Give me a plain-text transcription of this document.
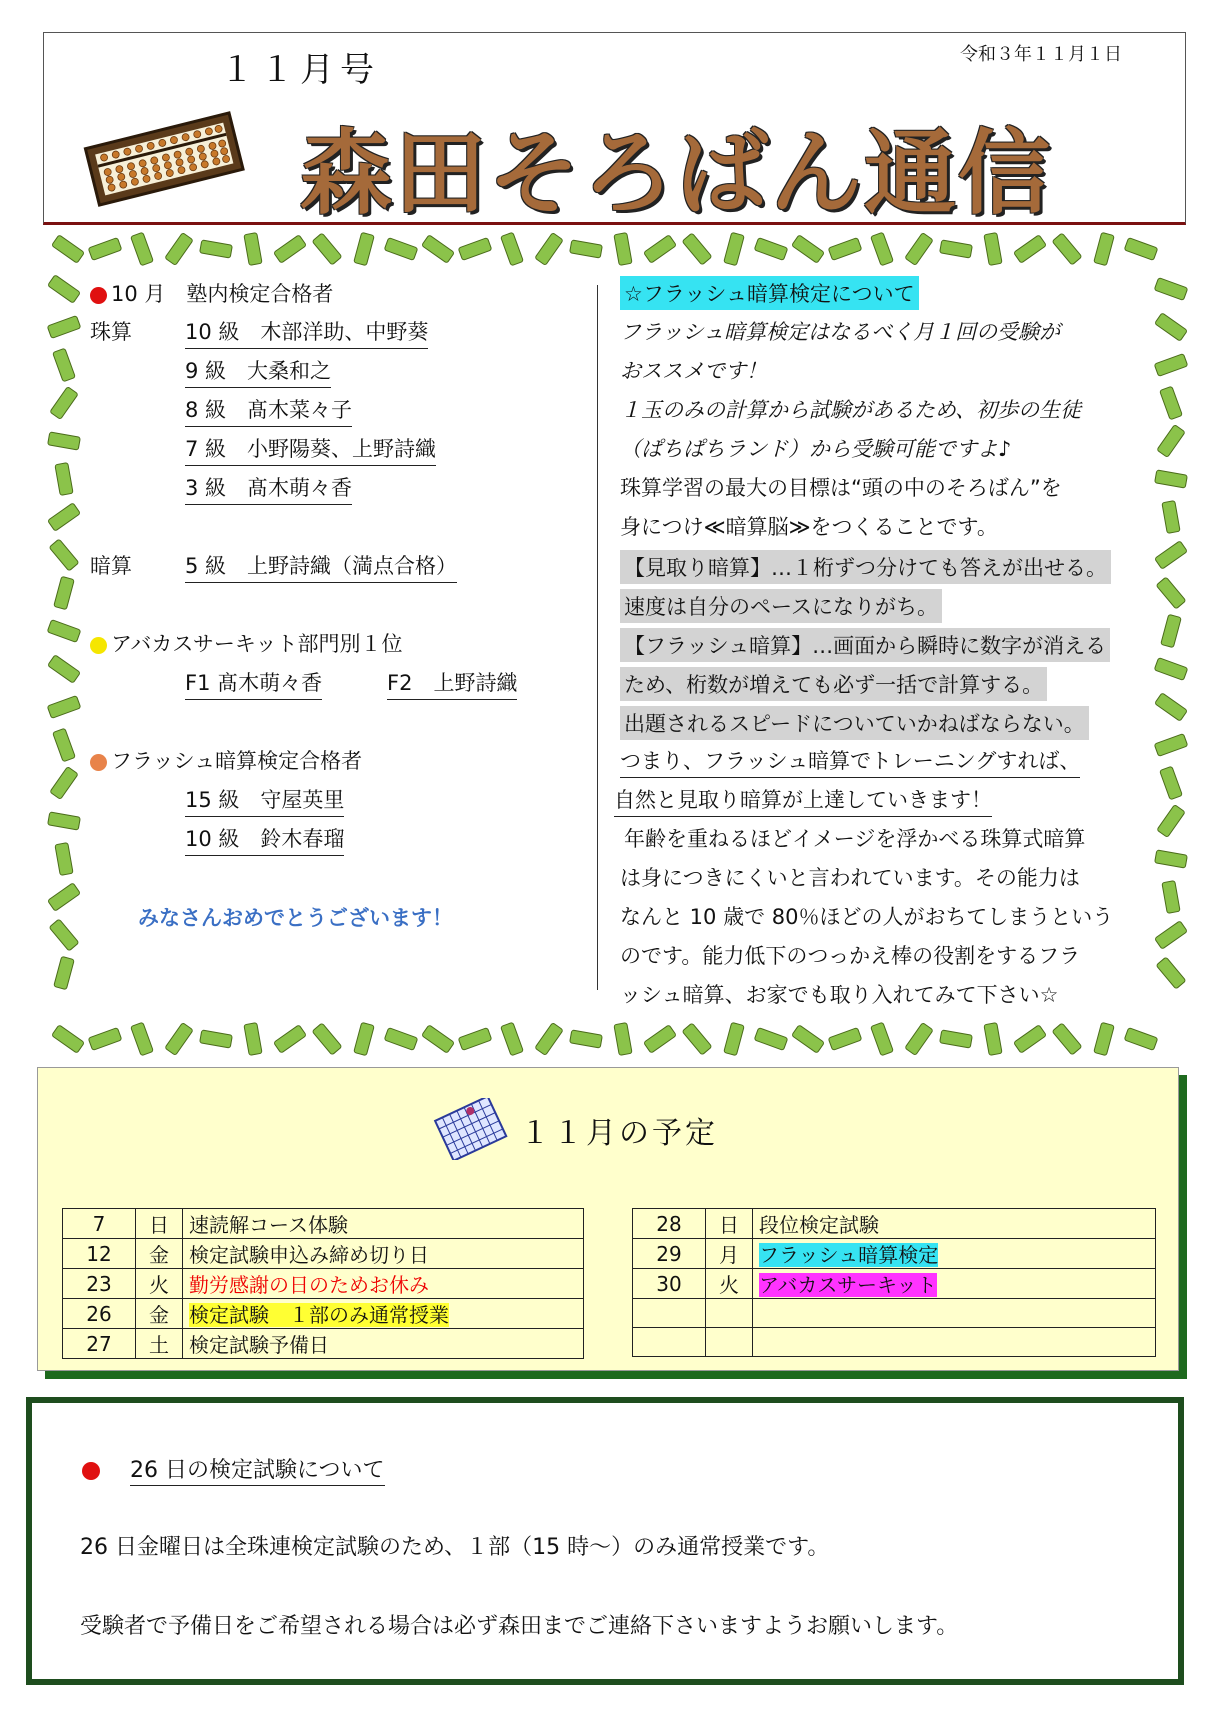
１１月号	令和３年１１月１日
森田そろばん通信
10 月　塾内検定合格者
珠算	10 級　 木部洋助、中野葵
9 級　 大桑和之
8 級　 髙木菜々子
7 級　 小野陽葵、上野詩織
3 級　 髙木萌々香
暗算	5 級　 上野詩織（満点合格）
アバカスサーキット部門別１位
F1 髙木萌々香	F2　 上野詩織
フラッシュ暗算検定合格者
15 級　 守屋英里
10 級　 鈴木春瑠
みなさんおめでとうございます！
☆フラッシュ暗算検定について
フラッシュ暗算検定はなるべく月１回の受験が
おススメです！
１玉のみの計算から試験があるため、初歩の生徒
（ぱちぱちランド）から受験可能ですよ♪
珠算学習の最大の目標は“頭の中のそろばん”を
身につけ≪暗算脳≫をつくることです。
【見取り暗算】…１桁ずつ分けても答えが出せる。
速度は自分のペースになりがち。
【フラッシュ暗算】…画面から瞬時に数字が消える
ため、桁数が増えても必ず一括で計算する。
出題されるスピードについていかねばならない。
つまり、フラッシュ暗算でトレーニングすれば、
自然と見取り暗算が上達していきます！
年齢を重ねるほどイメージを浮かべる珠算式暗算
は身につきにくいと言われています。その能力は
なんと 10 歳で 80％ほどの人がおちてしまうという
のです。能力低下のつっかえ棒の役割をするフラ
ッシュ暗算、お家でも取り入れてみて下さい☆
１１月の予定
7	日	速読解コース体験
12	金	検定試験申込み締め切り日
23	火	勤労感謝の日のためお休み
26	金	検定試験　１部のみ通常授業
27	土	検定試験予備日
28	日	段位検定試験
29	月	フラッシュ暗算検定
30	火	アバカスサーキット

26 日の検定試験について
26 日金曜日は全珠連検定試験のため、１部（15 時～）のみ通常授業です。
受験者で予備日をご希望される場合は必ず森田までご連絡下さいますようお願いします。
